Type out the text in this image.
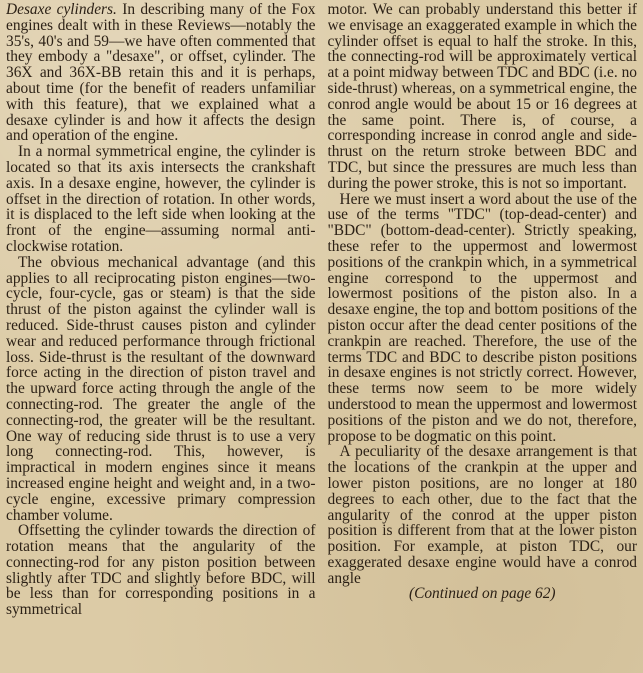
Desaxe cylinders. In describing many of the Fox engines dealt with in these Reviews—notably the 35's, 40's and 59—we have often commented that they embody a "desaxe", or offset, cylinder. The 36X and 36X-BB retain this and it is perhaps, about time (for the benefit of readers unfamiliar with this feature), that we explained what a desaxe cylinder is and how it affects the design and operation of the engine.

In a normal symmetrical engine, the cylinder is located so that its axis intersects the crankshaft axis. In a desaxe engine, however, the cylinder is offset in the direction of rotation. In other words, it is displaced to the left side when looking at the front of the engine—assuming normal anti-clockwise rotation.

The obvious mechanical advantage (and this applies to all reciprocating piston engines—two-cycle, four-cycle, gas or steam) is that the side thrust of the piston against the cylinder wall is reduced. Side-thrust causes piston and cylinder wear and reduced performance through frictional loss. Side-thrust is the resultant of the downward force acting in the direction of piston travel and the upward force acting through the angle of the connecting-rod. The greater the angle of the connecting-rod, the greater will be the resultant. One way of reducing side thrust is to use a very long connecting-rod. This, however, is impractical in modern engines since it means increased engine height and weight and, in a two-cycle engine, excessive primary compression chamber volume.

Offsetting the cylinder towards the direction of rotation means that the angularity of the connecting-rod for any piston position between slightly after TDC and slightly before BDC, will be less than for corresponding positions in a symmetrical

motor. We can probably understand this better if we envisage an exaggerated example in which the cylinder offset is equal to half the stroke. In this, the connecting-rod will be approximately vertical at a point midway between TDC and BDC (i.e. no side-thrust) whereas, on a symmetrical engine, the conrod angle would be about 15 or 16 degrees at the same point. There is, of course, a corresponding increase in conrod angle and side-thrust on the return stroke between BDC and TDC, but since the pressures are much less than during the power stroke, this is not so important.

Here we must insert a word about the use of the use of the terms "TDC" (top-dead-center) and "BDC" (bottom-dead-center). Strictly speaking, these refer to the uppermost and lowermost positions of the crankpin which, in a symmetrical engine correspond to the uppermost and lowermost positions of the piston also. In a desaxe engine, the top and bottom positions of the piston occur after the dead center positions of the crankpin are reached. Therefore, the use of the terms TDC and BDC to describe piston positions in desaxe engines is not strictly correct. However, these terms now seem to be more widely understood to mean the uppermost and lowermost positions of the piston and we do not, therefore, propose to be dogmatic on this point.

A peculiarity of the desaxe arrangement is that the locations of the crankpin at the upper and lower piston positions, are no longer at 180 degrees to each other, due to the fact that the angularity of the conrod at the upper piston position is different from that at the lower piston position. For example, at piston TDC, our exaggerated desaxe engine would have a conrod angle

(Continued on page 62)
